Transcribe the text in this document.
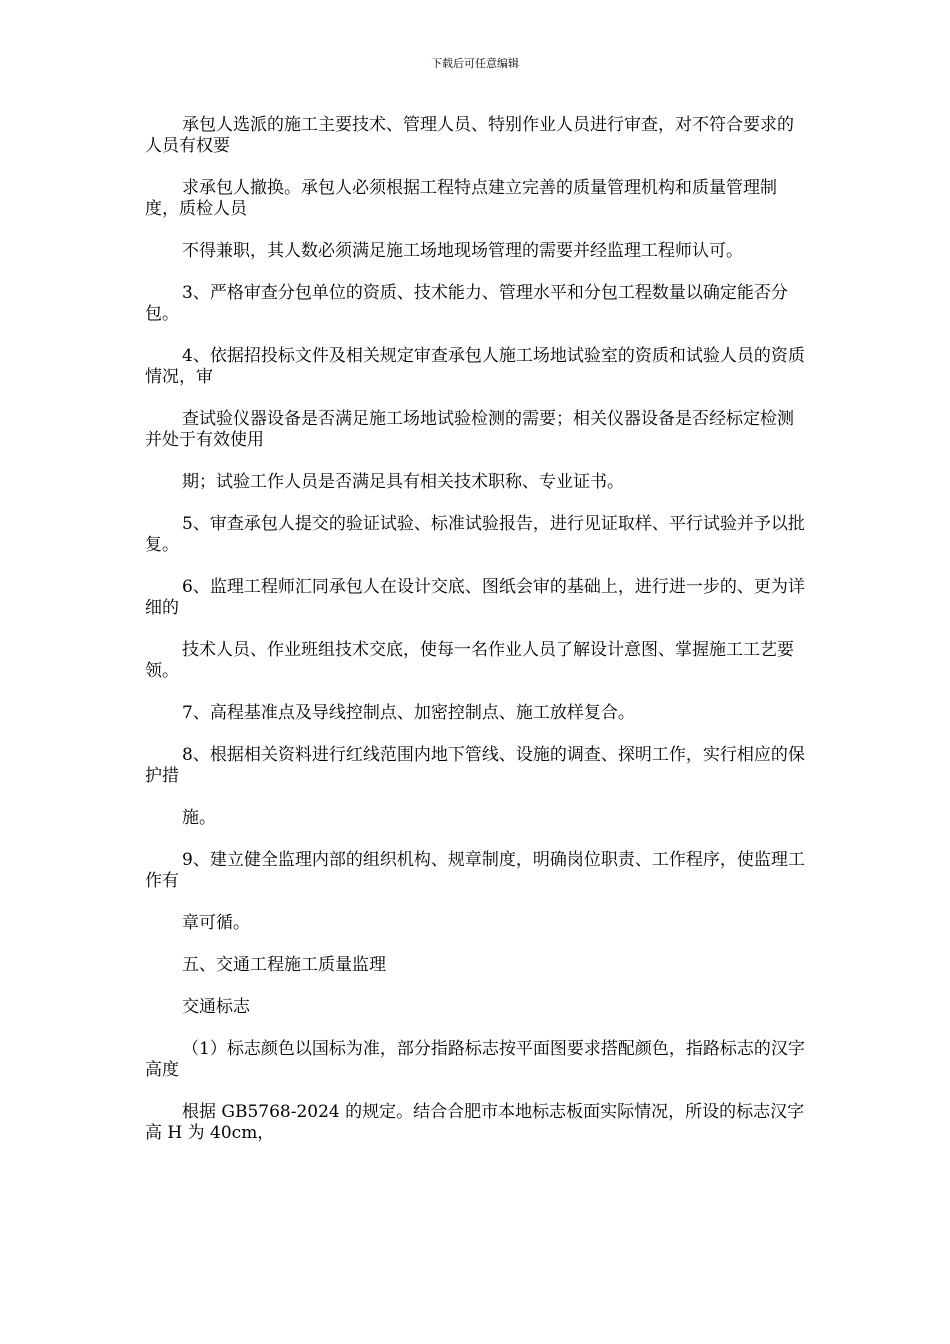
下载后可任意编辑

承包人选派的施工主要技术、管理人员、特别作业人员进行审查，对不符合要求的人员有权要

求承包人撤换。承包人必须根据工程特点建立完善的质量管理机构和质量管理制度，质检人员

不得兼职，其人数必须满足施工场地现场管理的需要并经监理工程师认可。

3、严格审查分包单位的资质、技术能力、管理水平和分包工程数量以确定能否分包。

4、依据招投标文件及相关规定审查承包人施工场地试验室的资质和试验人员的资质情况，审

查试验仪器设备是否满足施工场地试验检测的需要；相关仪器设备是否经标定检测并处于有效使用

期；试验工作人员是否满足具有相关技术职称、专业证书。

5、审查承包人提交的验证试验、标准试验报告，进行见证取样、平行试验并予以批复。

6、监理工程师汇同承包人在设计交底、图纸会审的基础上，进行进一步的、更为详细的

技术人员、作业班组技术交底，使每一名作业人员了解设计意图、掌握施工工艺要领。

7、高程基准点及导线控制点、加密控制点、施工放样复合。

8、根据相关资料进行红线范围内地下管线、设施的调查、探明工作，实行相应的保护措

施。

9、建立健全监理内部的组织机构、规章制度，明确岗位职责、工作程序，使监理工作有

章可循。

五、交通工程施工质量监理

交通标志

（1）标志颜色以国标为准，部分指路标志按平面图要求搭配颜色，指路标志的汉字高度

根据 GB5768-2024 的规定。结合合肥市本地标志板面实际情况，所设的标志汉字高 H 为 40cm，
